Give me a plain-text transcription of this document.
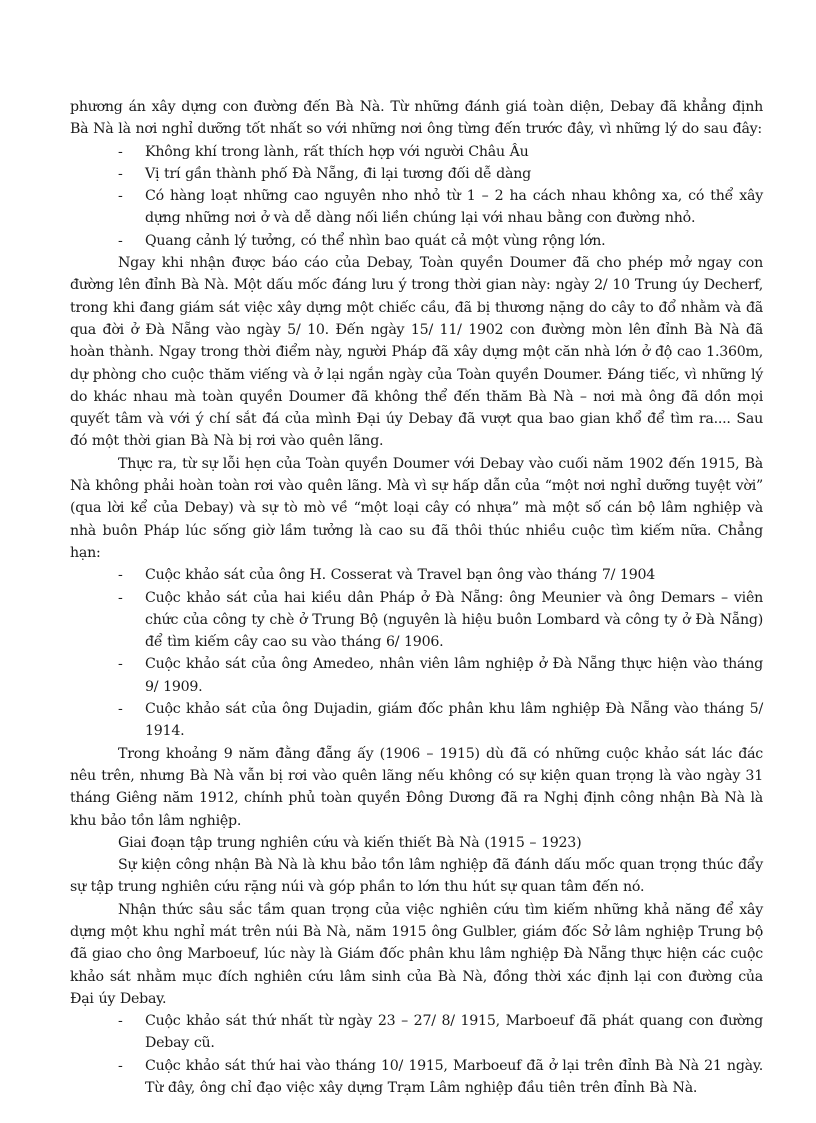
phương án xây dựng con đường đến Bà Nà. Từ những đánh giá toàn diện, Debay đã khẳng định Bà Nà là nơi nghỉ dưỡng tốt nhất so với những nơi ông từng đến trước đây, vì những lý do sau đây:

- Không khí trong lành, rất thích hợp với người Châu Âu
- Vị trí gần thành phố Đà Nẵng, đi lại tương đối dễ dàng
- Có hàng loạt những cao nguyên nho nhỏ từ 1 – 2 ha cách nhau không xa, có thể xây dựng những nơi ở và dễ dàng nối liền chúng lại với nhau bằng con đường nhỏ.
- Quang cảnh lý tưởng, có thể nhìn bao quát cả một vùng rộng lớn.

Ngay khi nhận được báo cáo của Debay, Toàn quyền Doumer đã cho phép mở ngay con đường lên đỉnh Bà Nà. Một dấu mốc đáng lưu ý trong thời gian này: ngày 2/ 10 Trung úy Decherf, trong khi đang giám sát việc xây dựng một chiếc cầu, đã bị thương nặng do cây to đổ nhằm và đã qua đời ở Đà Nẵng vào ngày 5/ 10. Đến ngày 15/ 11/ 1902 con đường mòn lên đỉnh Bà Nà đã hoàn thành. Ngay trong thời điểm này, người Pháp đã xây dựng một căn nhà lớn ở độ cao 1.360m, dự phòng cho cuộc thăm viếng và ở lại ngắn ngày của Toàn quyền Doumer. Đáng tiếc, vì những lý do khác nhau mà toàn quyền Doumer đã không thể đến thăm Bà Nà – nơi mà ông đã dồn mọi quyết tâm và với ý chí sắt đá của mình Đại úy Debay đã vượt qua bao gian khổ để tìm ra.... Sau đó một thời gian Bà Nà bị rơi vào quên lãng.

Thực ra, từ sự lỗi hẹn của Toàn quyền Doumer với Debay vào cuối năm 1902 đến 1915, Bà Nà không phải hoàn toàn rơi vào quên lãng. Mà vì sự hấp dẫn của “một nơi nghỉ dưỡng tuyệt vời” (qua lời kể của Debay) và sự tò mò về “một loại cây có nhựa” mà một số cán bộ lâm nghiệp và nhà buôn Pháp lúc sống giờ lầm tưởng là cao su đã thôi thúc nhiều cuộc tìm kiếm nữa. Chẳng hạn:

- Cuộc khảo sát của ông H. Cosserat và Travel bạn ông vào tháng 7/ 1904
- Cuộc khảo sát của hai kiều dân Pháp ở Đà Nẵng: ông Meunier và ông Demars – viên chức của công ty chè ở Trung Bộ (nguyên là hiệu buôn Lombard và công ty ở Đà Nẵng) để tìm kiếm cây cao su vào tháng 6/ 1906.
- Cuộc khảo sát của ông Amedeo, nhân viên lâm nghiệp ở Đà Nẵng thực hiện vào tháng 9/ 1909.
- Cuộc khảo sát của ông Dujadin, giám đốc phân khu lâm nghiệp Đà Nẵng vào tháng 5/ 1914.

Trong khoảng 9 năm đằng đẵng ấy (1906 – 1915) dù đã có những cuộc khảo sát lác đác nêu trên, nhưng Bà Nà vẫn bị rơi vào quên lãng nếu không có sự kiện quan trọng là vào ngày 31 tháng Giêng năm 1912, chính phủ toàn quyền Đông Dương đã ra Nghị định công nhận Bà Nà là khu bảo tồn lâm nghiệp.

Giai đoạn tập trung nghiên cứu và kiến thiết Bà Nà (1915 – 1923)

Sự kiện công nhận Bà Nà là khu bảo tồn lâm nghiệp đã đánh dấu mốc quan trọng thúc đẩy sự tập trung nghiên cứu rặng núi và góp phần to lớn thu hút sự quan tâm đến nó.

Nhận thức sâu sắc tầm quan trọng của việc nghiên cứu tìm kiếm những khả năng để xây dựng một khu nghỉ mát trên núi Bà Nà, năm 1915 ông Gulbler, giám đốc Sở lâm nghiệp Trung bộ đã giao cho ông Marboeuf, lúc này là Giám đốc phân khu lâm nghiệp Đà Nẵng thực hiện các cuộc khảo sát nhằm mục đích nghiên cứu lâm sinh của Bà Nà, đồng thời xác định lại con đường của Đại úy Debay.

- Cuộc khảo sát thứ nhất từ ngày 23 – 27/ 8/ 1915, Marboeuf đã phát quang con đường Debay cũ.
- Cuộc khảo sát thứ hai vào tháng 10/ 1915, Marboeuf đã ở lại trên đỉnh Bà Nà 21 ngày. Từ đây, ông chỉ đạo việc xây dựng Trạm Lâm nghiệp đầu tiên trên đỉnh Bà Nà.
